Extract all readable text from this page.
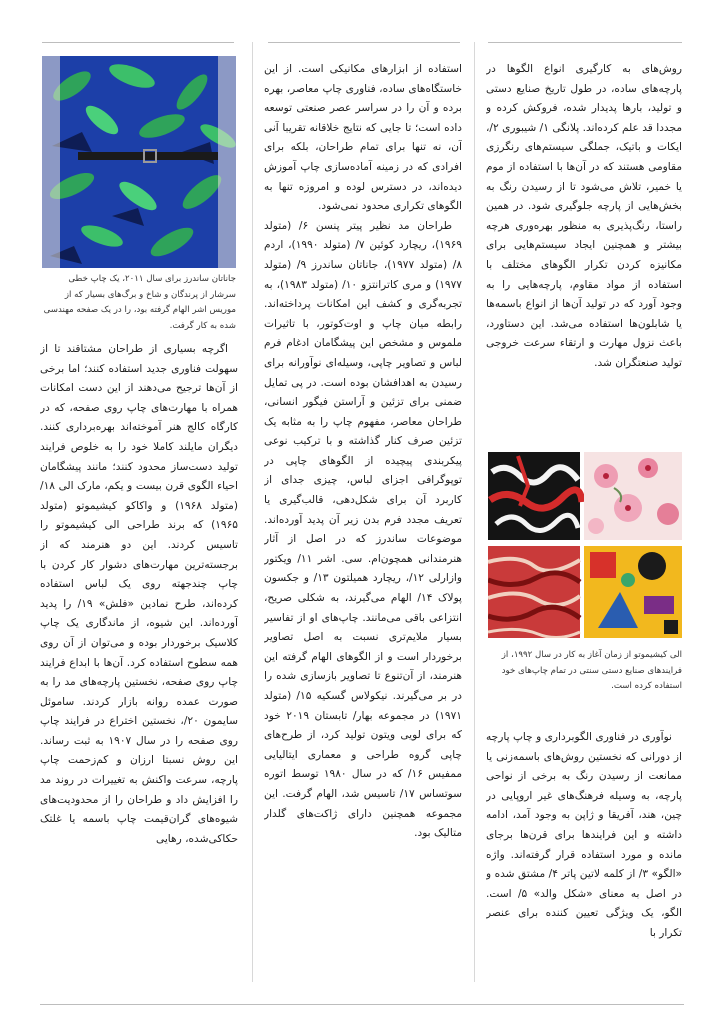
روش‌های به کارگیری انواع الگوها در پارچه‌های ساده، در طول تاریخ صنایع دستی و تولید، بارها پدیدار شده، فروکش کرده و مجددا قد علم کرده‌اند. پلانگی ۱/ شیبوری ۲/، ایکات و باتیک، جملگی سیستم‌های رنگرزی مقاومی هستند که در آن‌ها با استفاده از موم یا خمیر، تلاش می‌شود تا از رسیدن رنگ به بخش‌هایی از پارچه جلوگیری شود. در همین راستا، رنگ‌پذیری به منظور بهره‌وری هرچه بیشتر و همچنین ایجاد سیستم‌هایی برای مکانیزه کردن تکرار الگوهای مختلف با استفاده از مواد مقاوم، پارچه‌هایی را به وجود آورد که در تولید آن‌ها از انواع باسمه‌ها یا شابلون‌ها استفاده می‌شد. این دستاورد، باعث نزول مهارت و ارتقاء سرعت خروجی تولید صنعتگران شد.

الی کیشیموتو از زمان آغاز به کار در سال ۱۹۹۲، از فرایندهای صنایع دستی سنتی در تمام چاپ‌های خود استفاده کرده است.

نوآوری در فناوری الگوبرداری و چاپ پارچه از دورانی که نخستین روش‌های باسمه‌زنی یا ممانعت از رسیدن رنگ به برخی از نواحی پارچه، به وسیله فرهنگ‌های غیر اروپایی در چین، هند، آفریقا و ژاپن به وجود آمد، ادامه داشته و این فرایندها برای قرن‌ها برجای مانده و مورد استفاده قرار گرفته‌اند. واژه «الگو» ۳/ از کلمه لاتین پاتر ۴/ مشتق شده و در اصل به معنای «شکل والد» ۵/ است. الگو، یک ویژگی تعیین کننده برای عنصر تکرار با

استفاده از ابزارهای مکانیکی است. از این خاستگاه‌های ساده، فناوری چاپ معاصر، بهره برده و آن را در سراسر عصر صنعتی توسعه داده است؛ تا جایی که نتایج خلاقانه تقریبا آنی آن، نه تنها برای تمام طراحان، بلکه برای افرادی که در زمینه آماده‌سازی چاپ آموزش دیده‌اند، در دسترس لوده و امروزه تنها به الگوهای تکراری محدود نمی‌شود.

طراحان مد نظیر پیتر پنسن ۶/ (متولد ۱۹۶۹)، ریچارد کوئین ۷/ (متولد ۱۹۹۰)، اردم ۸/ (متولد ۱۹۷۷)، جاناتان ساندرز ۹/ (متولد ۱۹۷۷) و مری کاترانتزو ۱۰/ (متولد ۱۹۸۳)، به تجربه‌گری و کشف این امکانات پرداخته‌اند. رابطه میان چاپ و اوت‌کوتور، با تاثیرات ملموس و مشخص این پیشگامان ادغام فرم لباس و تصاویر چاپی، وسیله‌ای نوآورانه برای رسیدن به اهدافشان بوده است. در پی تمایل ضمنی برای تزئین و آراستن فیگور انسانی، طراحان معاصر، مفهوم چاپ را به مثابه یک تزئین صرف کنار گذاشته و با ترکیب نوعی پیکربندی پیچیده از الگوهای چاپی در توپوگرافی اجزای لباس، چیزی جدای از کاربرد آن برای شکل‌دهی، قالب‌گیری یا تعریف مجدد فرم بدن زیر آن پدید آورده‌اند. موضوعات ساندرز که در اصل از آثار هنرمندانی همچون‌ام. سی. اشر ۱۱/ ویکتور وازارلی ۱۲/، ریچارد همیلتون ۱۳/ و جکسون پولاک ۱۴/ الهام می‌گیرند، به شکلی صریح، انتزاعی باقی می‌مانند. چاپ‌های او از تفاسیر بسیار ملایم‌تری نسبت به اصل تصاویر برخوردار است و از الگوهای الهام گرفته این هنرمند، از آن‌تنوع تا تصاویر بازسازی شده را در بر می‌گیرند. نیکولاس گسکیه ۱۵/ (متولد ۱۹۷۱) در مجموعه بهار/ تابستان ۲۰۱۹ خود که برای لویی ویتون تولید کرد، از طرح‌های چاپی گروه طراحی و معماری ایتالیایی ممفیس ۱۶/ که در سال ۱۹۸۰ توسط اتوره سوتساس ۱۷/ تاسیس شد، الهام گرفت. این مجموعه همچنین دارای ژاکت‌های گلدار متالیک بود.

جاناتان ساندرز برای سال ۲۰۱۱، یک چاپ خطی سرشار از پرندگان و شاخ و برگ‌های بسیار که از موریس اشر الهام گرفته بود، را در یک صفحه مهندسی شده به کار گرفت.

اگرچه بسیاری از طراحان مشتاقند تا از سهولت فناوری جدید استفاده کنند؛ اما برخی از آن‌ها ترجیح می‌دهند از این دست امکانات همراه با مهارت‌های چاپ روی صفحه، که در کارگاه کالج هنر آموخته‌اند بهره‌برداری کنند. دیگران مایلند کاملا خود را به خلوص فرایند تولید دست‌ساز محدود کنند؛ مانند پیشگامان احیاء الگوی قرن بیست و یکم، مارک الی ۱۸/ (متولد ۱۹۶۸) و واکاکو کیشیموتو (متولد ۱۹۶۵) که برند طراحی الی کیشیموتو را تاسیس کردند. این دو هنرمند که از برجسته‌ترین مهارت‌های دشوار کار کردن با چاپ چندجهته روی یک لباس استفاده کرده‌اند، طرح نمادین «فلش» ۱۹/ را پدید آورده‌اند. این شیوه، از ماندگاری یک چاپ کلاسیک برخوردار بوده و می‌توان از آن روی همه سطوح استفاده کرد. آن‌ها با ابداع فرایند چاپ روی صفحه، نخستین پارچه‌های مد را به صورت عمده روانه بازار کردند. ساموئل سایمون ۲۰/، نخستین اختراع در فرایند چاپ روی صفحه را در سال ۱۹۰۷ به ثبت رساند. این روش نسبتا ارزان و کم‌زحمت چاپ پارچه، سرعت واکنش به تغییرات در روند مد را افزایش داد و طراحان را از محدودیت‌های شیوه‌های گران‌قیمت چاپ باسمه یا غلتک حکاکی‌شده، رهایی
